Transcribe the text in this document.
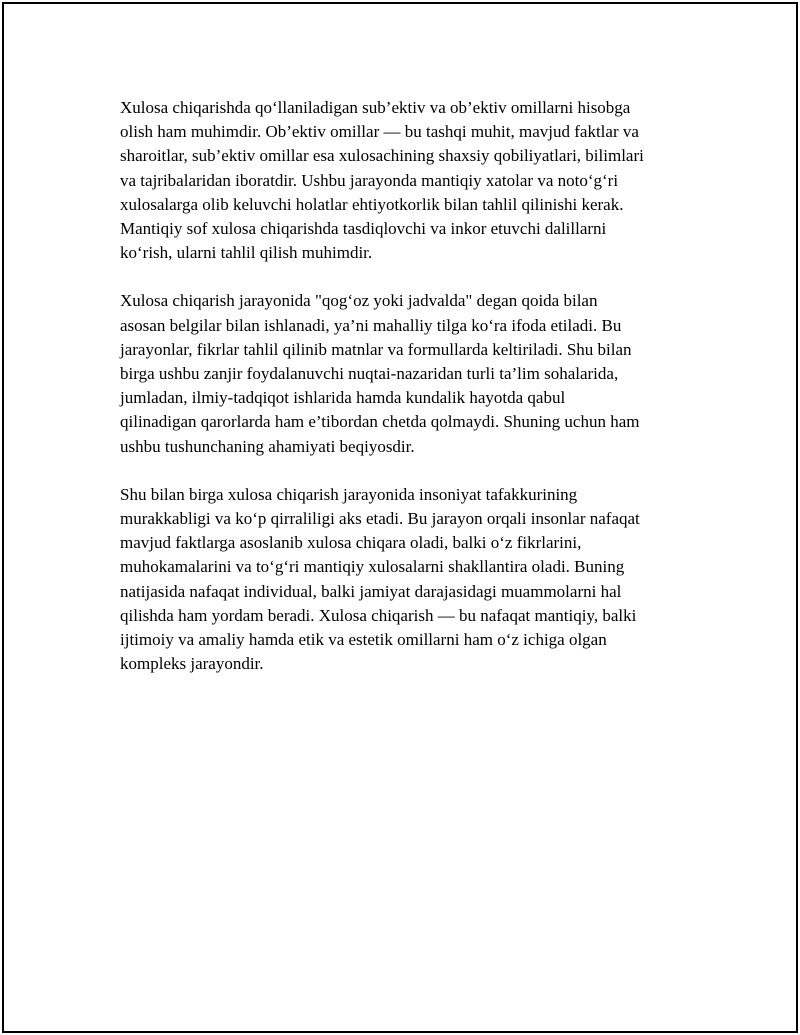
Xulosa chiqarishda qo‘llaniladigan sub’ektiv va ob’ektiv omillarni hisobga
olish ham muhimdir. Ob’ektiv omillar — bu tashqi muhit, mavjud faktlar va
sharoitlar, sub’ektiv omillar esa xulosachining shaxsiy qobiliyatlari, bilimlari
va tajribalaridan iboratdir. Ushbu jarayonda mantiqiy xatolar va noto‘g‘ri
xulosalarga olib keluvchi holatlar ehtiyotkorlik bilan tahlil qilinishi kerak.
Mantiqiy sof xulosa chiqarishda tasdiqlovchi va inkor etuvchi dalillarni
ko‘rish, ularni tahlil qilish muhimdir.

Xulosa chiqarish jarayonida "qog‘oz yoki jadvalda" degan qoida bilan
asosan belgilar bilan ishlanadi, ya’ni mahalliy tilga ko‘ra ifoda etiladi. Bu
jarayonlar, fikrlar tahlil qilinib matnlar va formullarda keltiriladi. Shu bilan
birga ushbu zanjir foydalanuvchi nuqtai-nazaridan turli ta’lim sohalarida,
jumladan, ilmiy-tadqiqot ishlarida hamda kundalik hayotda qabul
qilinadigan qarorlarda ham e’tibordan chetda qolmaydi. Shuning uchun ham
ushbu tushunchaning ahamiyati beqiyosdir.

Shu bilan birga xulosa chiqarish jarayonida insoniyat tafakkurining
murakkabligi va ko‘p qirraliligi aks etadi. Bu jarayon orqali insonlar nafaqat
mavjud faktlarga asoslanib xulosa chiqara oladi, balki o‘z fikrlarini,
muhokamalarini va to‘g‘ri mantiqiy xulosalarni shakllantira oladi. Buning
natijasida nafaqat individual, balki jamiyat darajasidagi muammolarni hal
qilishda ham yordam beradi. Xulosa chiqarish — bu nafaqat mantiqiy, balki
ijtimoiy va amaliy hamda etik va estetik omillarni ham o‘z ichiga olgan
kompleks jarayondir.
